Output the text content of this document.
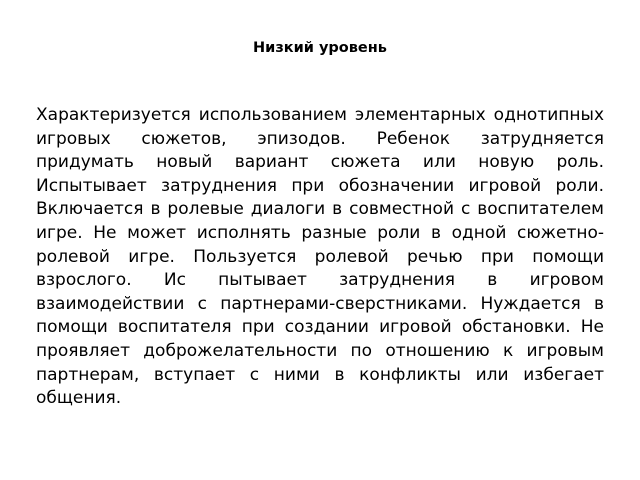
Низкий уровень

Характеризуется использованием элементарных однотипных игровых сюжетов, эпизодов. Ребенок затрудняется придумать новый вариант сюжета или новую роль. Испытывает затруднения при обозначении игровой роли. Включается в ролевые диалоги в совместной с воспитателем игре. Не может исполнять разные роли в одной сюжетно-ролевой игре. Пользуется ролевой речью при помощи взрослого. Ис пытывает затруднения в игровом взаимодействии с партнерами-сверстниками. Нуждается в помощи воспитателя при создании игровой обстановки. Не проявляет доброжелательности по отношению к игровым партнерам, вступает с ними в конфликты или избегает общения.
